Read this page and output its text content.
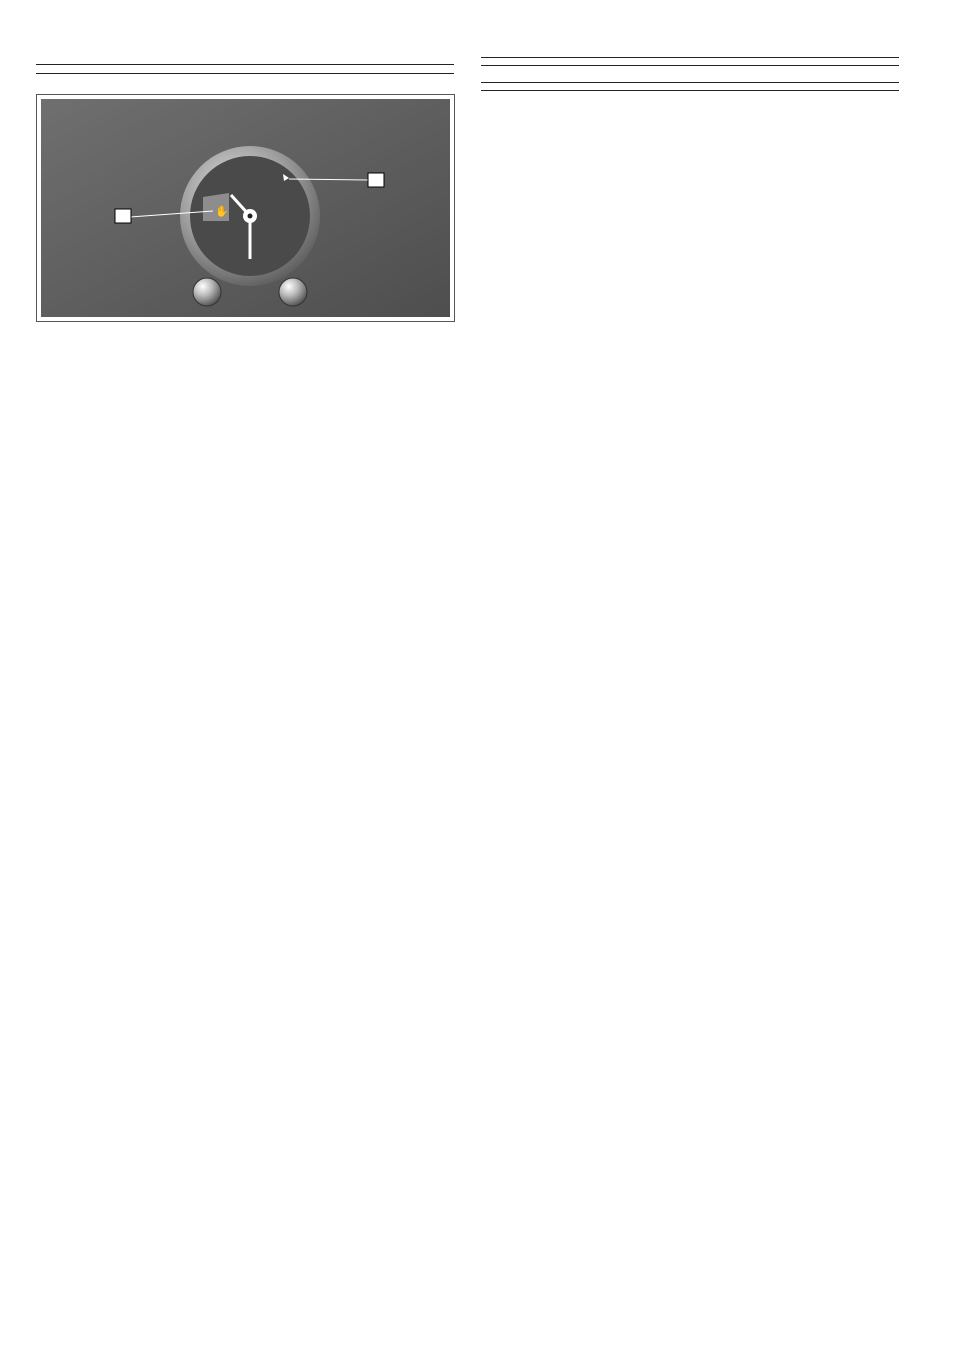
✋
